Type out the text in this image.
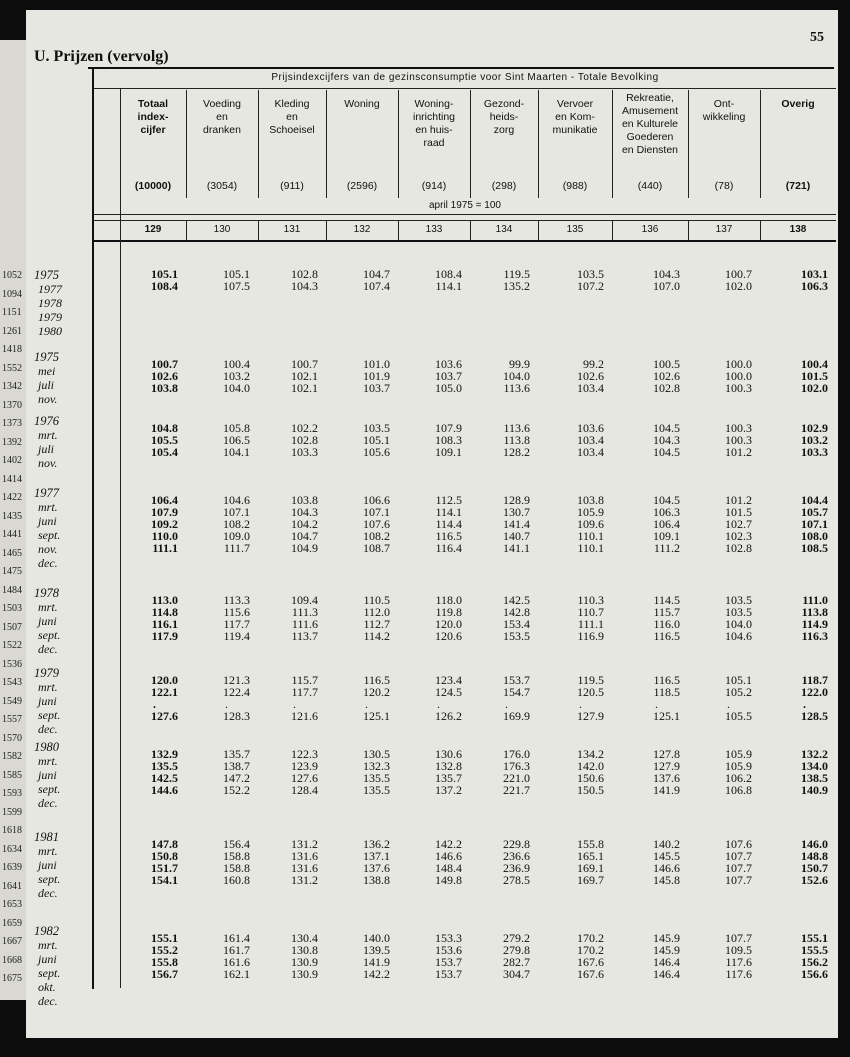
1052
1094
1151
1261
1418
1552
1342
1370
1373
1392
1402
1414
1422
1435
1441
1465
1475
1484
1503
1507
1522
1536
1543
1549
1557
1570
1582
1585
1593
1599
1618
1634
1639
1641
1653
1659
1667
1668
1675
U. Prijzen (vervolg)
55
Prijsindexcijfers van de gezinsconsumptie voor Sint Maarten - Totale Bevolking
april 1975 = 100
Totaal
index-
cijfer
(10000)
129
Voeding
en
dranken
(3054)
130
Kleding
en
Schoeisel
(911)
131
Woning
(2596)
132
Woning-
inrichting
en huis-
raad
(914)
133
Gezond-
heids-
zorg
(298)
134
Vervoer
en Kom-
munikatie
(988)
135
Rekreatie,
Amusement
en Kulturele
Goederen
en Diensten
(440)
136
Ont-
wikkeling
(78)
137
Overig
(721)
138
105.1
108.4
105.1
107.5
102.8
104.3
104.7
107.4
108.4
114.1
119.5
135.2
103.5
107.2
104.3
107.0
100.7
102.0
103.1
106.3
100.7
102.6
103.8
100.4
103.2
104.0
100.7
102.1
102.1
101.0
101.9
103.7
103.6
103.7
105.0
99.9
104.0
113.6
99.2
102.6
103.4
100.5
102.6
102.8
100.0
100.0
100.3
100.4
101.5
102.0
104.8
105.5
105.4
105.8
106.5
104.1
102.2
102.8
103.3
103.5
105.1
105.6
107.9
108.3
109.1
113.6
113.8
128.2
103.6
103.4
103.4
104.5
104.3
104.5
100.3
100.3
101.2
102.9
103.2
103.3
106.4
107.9
109.2
110.0
111.1
104.6
107.1
108.2
109.0
111.7
103.8
104.3
104.2
104.7
104.9
106.6
107.1
107.6
108.2
108.7
112.5
114.1
114.4
116.5
116.4
128.9
130.7
141.4
140.7
141.1
103.8
105.9
109.6
110.1
110.1
104.5
106.3
106.4
109.1
111.2
101.2
101.5
102.7
102.3
102.8
104.4
105.7
107.1
108.0
108.5
113.0
114.8
116.1
117.9
113.3
115.6
117.7
119.4
109.4
111.3
111.6
113.7
110.5
112.0
112.7
114.2
118.0
119.8
120.0
120.6
142.5
142.8
153.4
153.5
110.3
110.7
111.1
116.9
114.5
115.7
116.0
116.5
103.5
103.5
104.0
104.6
111.0
113.8
114.9
116.3
120.0
122.1
.
127.6
121.3
122.4
.
128.3
115.7
117.7
.
121.6
116.5
120.2
.
125.1
123.4
124.5
.
126.2
153.7
154.7
.
169.9
119.5
120.5
.
127.9
116.5
118.5
.
125.1
105.1
105.2
.
105.5
118.7
122.0
.
128.5
132.9
135.5
142.5
144.6
135.7
138.7
147.2
152.2
122.3
123.9
127.6
128.4
130.5
132.3
135.5
135.5
130.6
132.8
135.7
137.2
176.0
176.3
221.0
221.7
134.2
142.0
150.6
150.5
127.8
127.9
137.6
141.9
105.9
105.9
106.2
106.8
132.2
134.0
138.5
140.9
147.8
150.8
151.7
154.1
156.4
158.8
158.8
160.8
131.2
131.6
131.6
131.2
136.2
137.1
137.6
138.8
142.2
146.6
148.4
149.8
229.8
236.6
236.9
278.5
155.8
165.1
169.1
169.7
140.2
145.5
146.6
145.8
107.6
107.7
107.7
107.7
146.0
148.8
150.7
152.6
155.1
155.2
155.8
156.7
161.4
161.7
161.6
162.1
130.4
130.8
130.9
130.9
140.0
139.5
141.9
142.2
153.3
153.6
153.7
153.7
279.2
279.8
282.7
304.7
170.2
170.2
167.6
167.6
145.9
145.9
146.4
146.4
107.7
109.5
117.6
117.6
155.1
155.5
156.2
156.6
1975
1977
1978
1979
1980
1975
mei
juli
nov.
1976
mrt.
juli
nov.
1977
mrt.
juni
sept.
nov.
dec.
1978
mrt.
juni
sept.
dec.
1979
mrt.
juni
sept.
dec.
1980
mrt.
juni
sept.
dec.
1981
mrt.
juni
sept.
dec.
1982
mrt.
juni
sept.
okt.
dec.
